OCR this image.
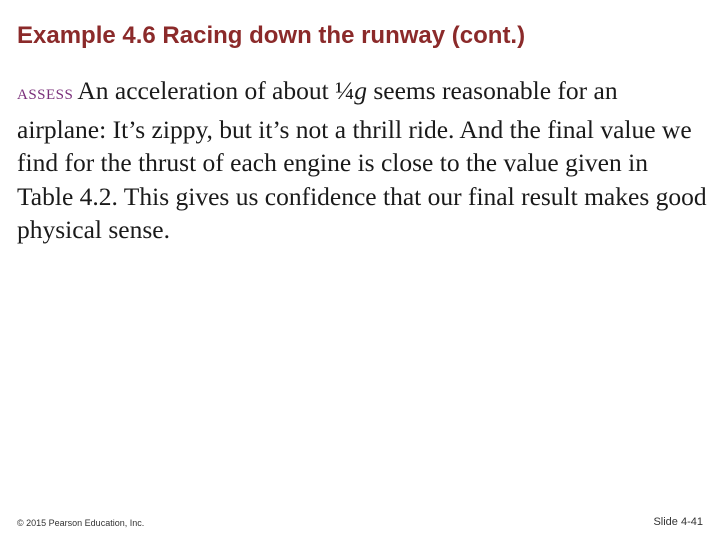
Example 4.6 Racing down the runway (cont.)
ASSESS An acceleration of about ¼g seems reasonable for an airplane: It’s zippy, but it’s not a thrill ride. And the final value we find for the thrust of each engine is close to the value given in Table 4.2. This gives us confidence that our final result makes good physical sense.
© 2015 Pearson Education, Inc.	Slide 4-41
